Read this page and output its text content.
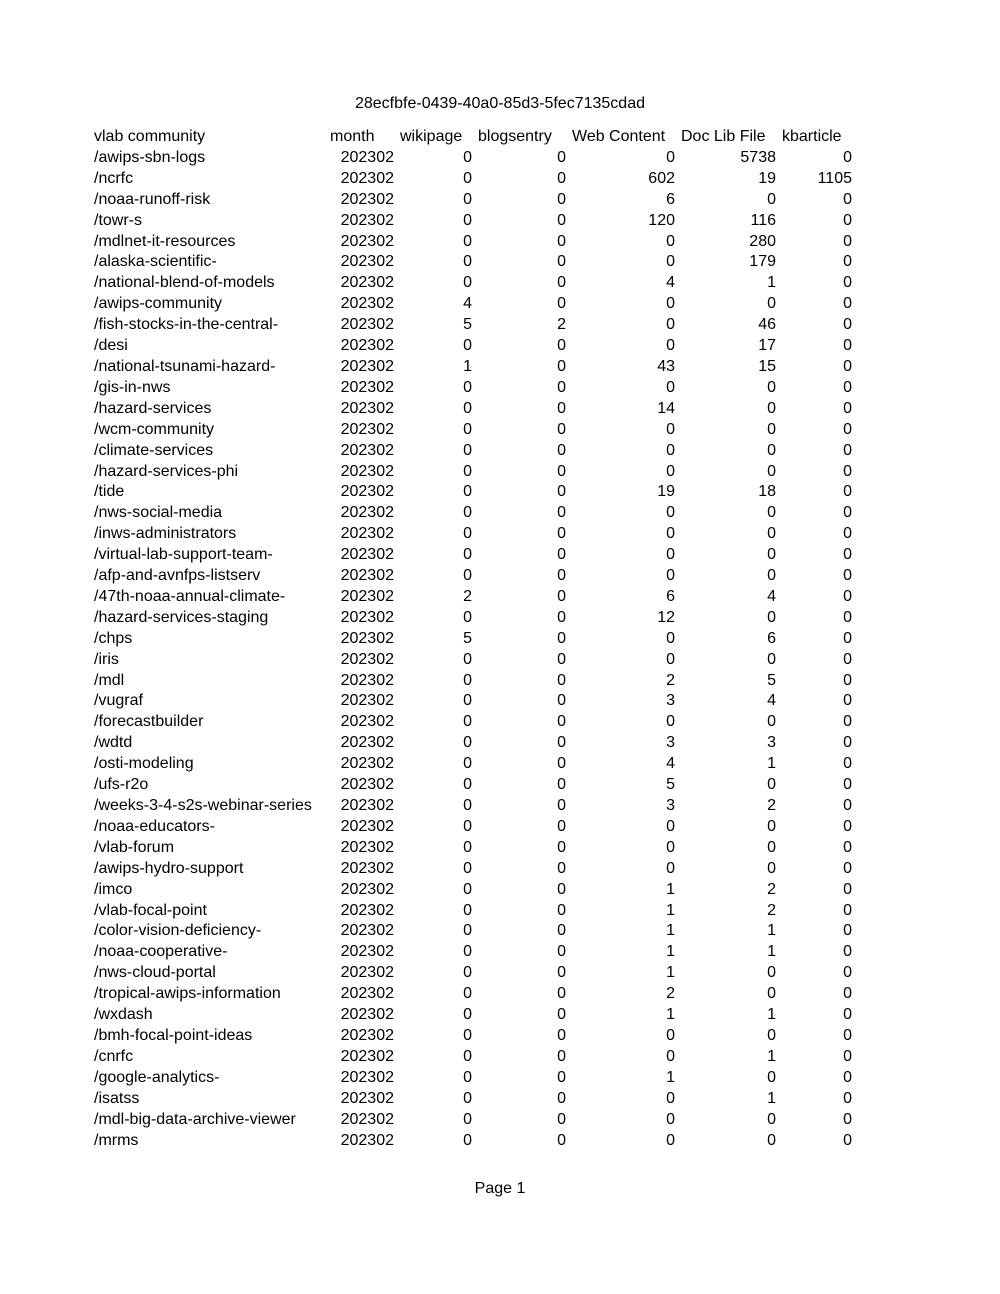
28ecfbfe-0439-40a0-85d3-5fec7135cdad
vlab community	month	wikipage	blogsentry	Web Content	Doc Lib File	kbarticle
/awips-sbn-logs	202302	0	0	0	5738	0
/ncrfc	202302	0	0	602	19	1105
/noaa-runoff-risk	202302	0	0	6	0	0
/towr-s	202302	0	0	120	116	0
/mdlnet-it-resources	202302	0	0	0	280	0
/alaska-scientific-	202302	0	0	0	179	0
/national-blend-of-models	202302	0	0	4	1	0
/awips-community	202302	4	0	0	0	0
/fish-stocks-in-the-central-	202302	5	2	0	46	0
/desi	202302	0	0	0	17	0
/national-tsunami-hazard-	202302	1	0	43	15	0
/gis-in-nws	202302	0	0	0	0	0
/hazard-services	202302	0	0	14	0	0
/wcm-community	202302	0	0	0	0	0
/climate-services	202302	0	0	0	0	0
/hazard-services-phi	202302	0	0	0	0	0
/tide	202302	0	0	19	18	0
/nws-social-media	202302	0	0	0	0	0
/inws-administrators	202302	0	0	0	0	0
/virtual-lab-support-team-	202302	0	0	0	0	0
/afp-and-avnfps-listserv	202302	0	0	0	0	0
/47th-noaa-annual-climate-	202302	2	0	6	4	0
/hazard-services-staging	202302	0	0	12	0	0
/chps	202302	5	0	0	6	0
/iris	202302	0	0	0	0	0
/mdl	202302	0	0	2	5	0
/vugraf	202302	0	0	3	4	0
/forecastbuilder	202302	0	0	0	0	0
/wdtd	202302	0	0	3	3	0
/osti-modeling	202302	0	0	4	1	0
/ufs-r2o	202302	0	0	5	0	0
/weeks-3-4-s2s-webinar-series	202302	0	0	3	2	0
/noaa-educators-	202302	0	0	0	0	0
/vlab-forum	202302	0	0	0	0	0
/awips-hydro-support	202302	0	0	0	0	0
/imco	202302	0	0	1	2	0
/vlab-focal-point	202302	0	0	1	2	0
/color-vision-deficiency-	202302	0	0	1	1	0
/noaa-cooperative-	202302	0	0	1	1	0
/nws-cloud-portal	202302	0	0	1	0	0
/tropical-awips-information	202302	0	0	2	0	0
/wxdash	202302	0	0	1	1	0
/bmh-focal-point-ideas	202302	0	0	0	0	0
/cnrfc	202302	0	0	0	1	0
/google-analytics-	202302	0	0	1	0	0
/isatss	202302	0	0	0	1	0
/mdl-big-data-archive-viewer	202302	0	0	0	0	0
/mrms	202302	0	0	0	0	0
Page 1
